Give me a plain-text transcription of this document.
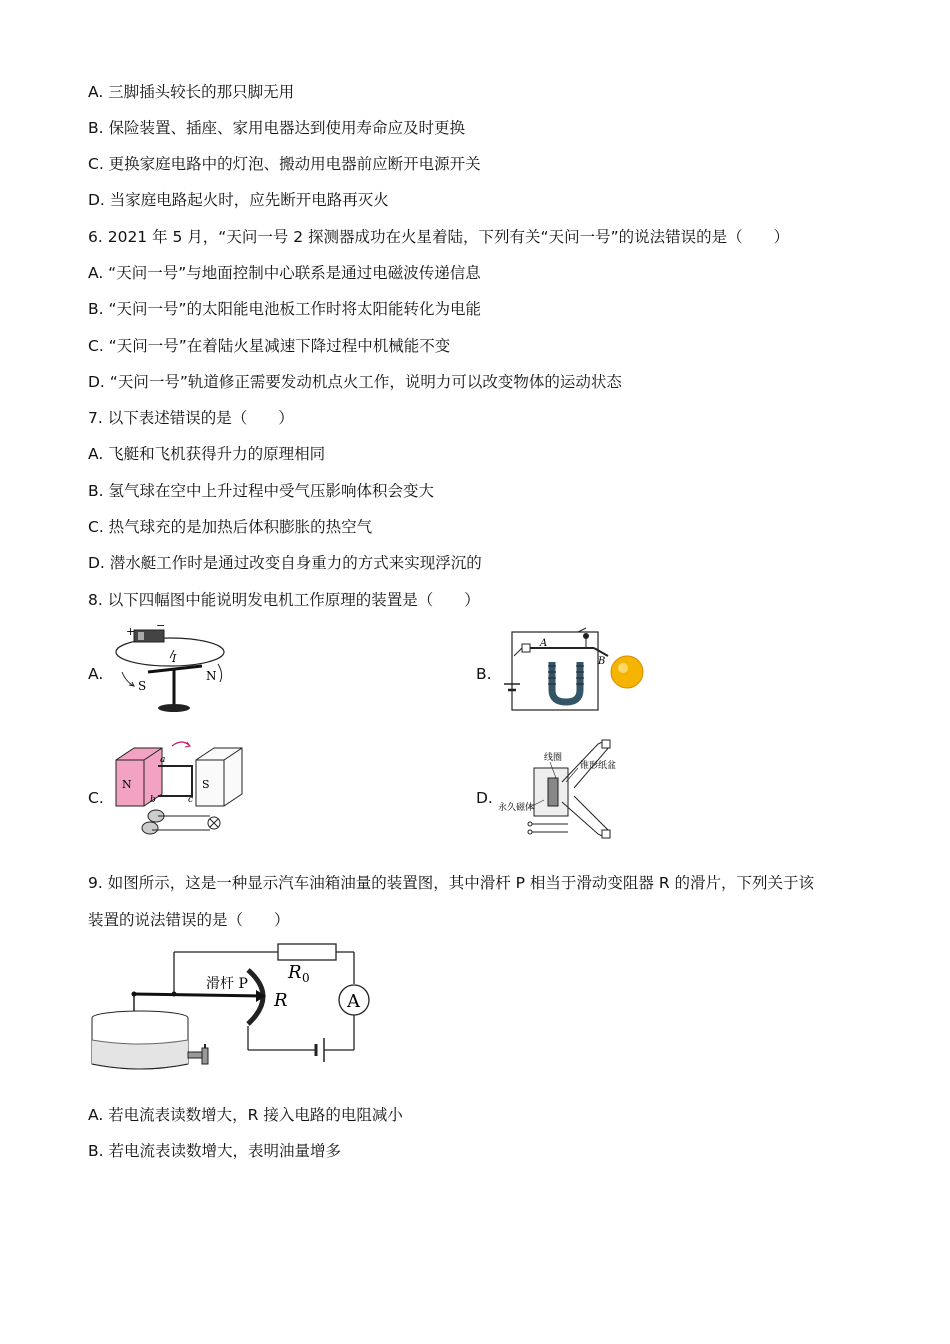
A. 三脚插头较长的那只脚无用
B. 保险装置、插座、家用电器达到使用寿命应及时更换
C. 更换家庭电路中的灯泡、搬动用电器前应断开电源开关
D. 当家庭电路起火时，应先断开电路再灭火
6. 2021 年 5 月，“天问一号 2 探测器成功在火星着陆，下列有关“天问一号”的说法错误的是（　　）
A. “天问一号”与地面控制中心联系是通过电磁波传递信息
B. “天问一号”的太阳能电池板工作时将太阳能转化为电能
C. “天问一号”在着陆火星减速下降过程中机械能不变
D. “天问一号”轨道修正需要发动机点火工作，说明力可以改变物体的运动状态
7. 以下表述错误的是（　　）
A. 飞艇和飞机获得升力的原理相同
B. 氢气球在空中上升过程中受气压影响体积会变大
C. 热气球充的是加热后体积膨胀的热空气
D. 潜水艇工作时是通过改变自身重力的方式来实现浮沉的
8. 以下四幅图中能说明发电机工作原理的装置是（　　）
A.	B.
C.	D.
+ −
I
S
N
A
B
N	S
a
b	c
线圈
锥形纸盆
永久磁体
9. 如图所示，这是一种显示汽车油箱油量的装置图，其中滑杆 P 相当于滑动变阻器 R 的滑片，下列关于该
装置的说法错误的是（　　）
A
R
R 0
滑杆 P
A. 若电流表读数增大，R 接入电路的电阻减小
B. 若电流表读数增大，表明油量增多
